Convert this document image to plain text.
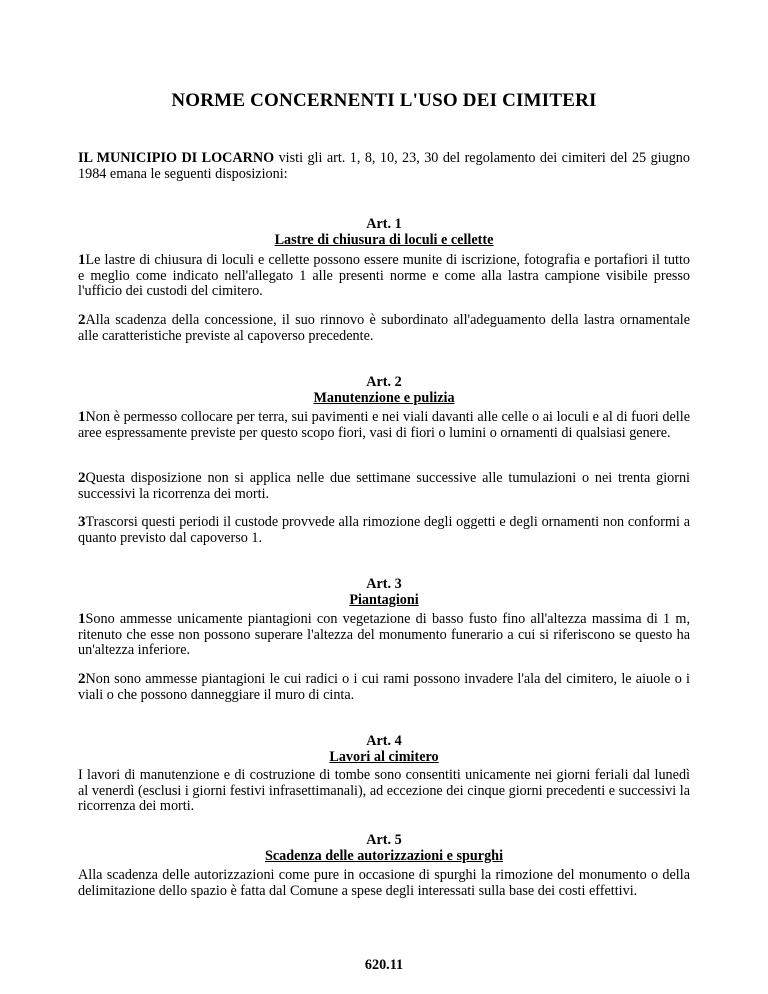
NORME CONCERNENTI L'USO DEI CIMITERI
IL MUNICIPIO DI LOCARNO visti gli art. 1, 8, 10, 23, 30 del regolamento dei cimiteri del 25 giugno 1984 emana le seguenti disposizioni:
Art. 1
Lastre di chiusura di loculi e cellette
1Le lastre di chiusura di loculi e cellette possono essere munite di iscrizione, fotografia e portafiori il tutto e meglio come indicato nell'allegato 1 alle presenti norme e come alla lastra campione visibile presso l'ufficio dei custodi del cimitero.
2Alla scadenza della concessione, il suo rinnovo è subordinato all'adeguamento della lastra ornamentale alle caratteristiche previste al capoverso precedente.
Art. 2
Manutenzione e pulizia
1Non è permesso collocare per terra, sui pavimenti e nei viali davanti alle celle o ai loculi e al di fuori delle aree espressamente previste per questo scopo fiori, vasi di fiori o lumini o ornamenti di qualsiasi genere.
2Questa disposizione non si applica nelle due settimane successive alle tumulazioni o nei trenta giorni successivi la ricorrenza dei morti.
3Trascorsi questi periodi il custode provvede alla rimozione degli oggetti e degli ornamenti non conformi a quanto previsto dal capoverso 1.
Art. 3
Piantagioni
1Sono ammesse unicamente piantagioni con vegetazione di basso fusto fino all'altezza massima di 1 m, ritenuto che esse non possono superare l'altezza del monumento funerario a cui si riferiscono se questo ha un'altezza inferiore.
2Non sono ammesse piantagioni le cui radici o i cui rami possono invadere l'ala del cimitero, le aiuole o i viali o che possono danneggiare il muro di cinta.
Art. 4
Lavori al cimitero
I lavori di manutenzione e di costruzione di tombe sono consentiti unicamente nei giorni feriali dal lunedì al venerdì (esclusi i giorni festivi infrasettimanali), ad eccezione dei cinque giorni precedenti e successivi la ricorrenza dei morti.
Art. 5
Scadenza delle autorizzazioni e spurghi
Alla scadenza delle autorizzazioni come pure in occasione di spurghi la rimozione del monumento o della delimitazione dello spazio è fatta dal Comune a spese degli interessati sulla base dei costi effettivi.
620.11
